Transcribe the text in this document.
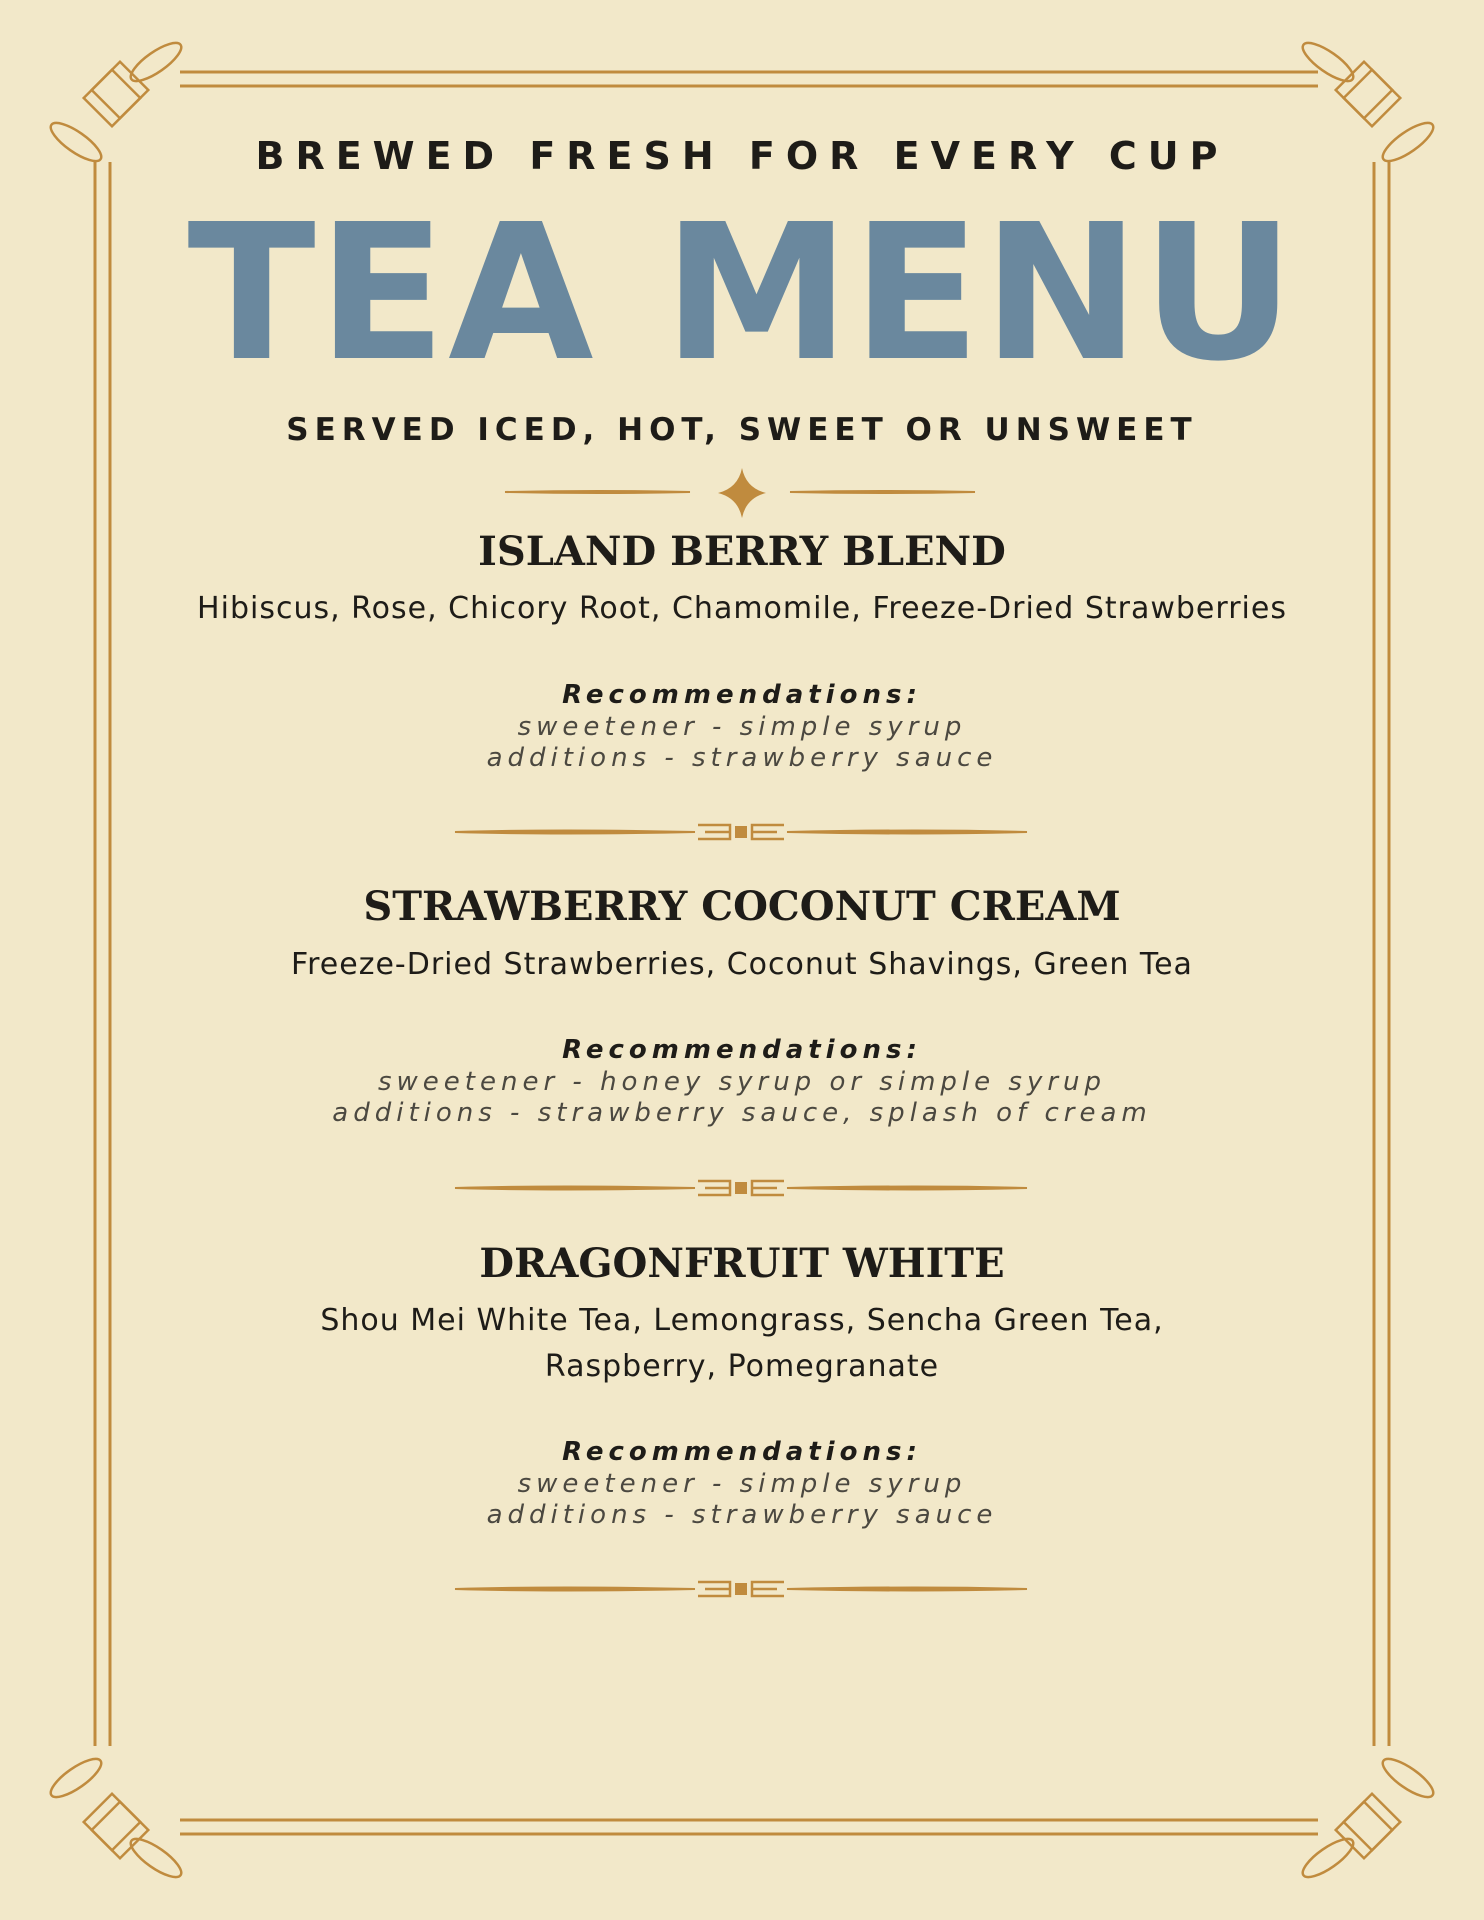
BREWED FRESH FOR EVERY CUP
TEA MENU
SERVED ICED, HOT, SWEET OR UNSWEET
ISLAND BERRY BLEND
Hibiscus, Rose, Chicory Root, Chamomile, Freeze-Dried Strawberries
Recommendations:
sweetener - simple syrup
additions - strawberry sauce
STRAWBERRY COCONUT CREAM
Freeze-Dried Strawberries, Coconut Shavings, Green Tea
Recommendations:
sweetener - honey syrup or simple syrup
additions - strawberry sauce, splash of cream
DRAGONFRUIT WHITE
Shou Mei White Tea, Lemongrass, Sencha Green Tea,
Raspberry, Pomegranate
Recommendations:
sweetener - simple syrup
additions - strawberry sauce
